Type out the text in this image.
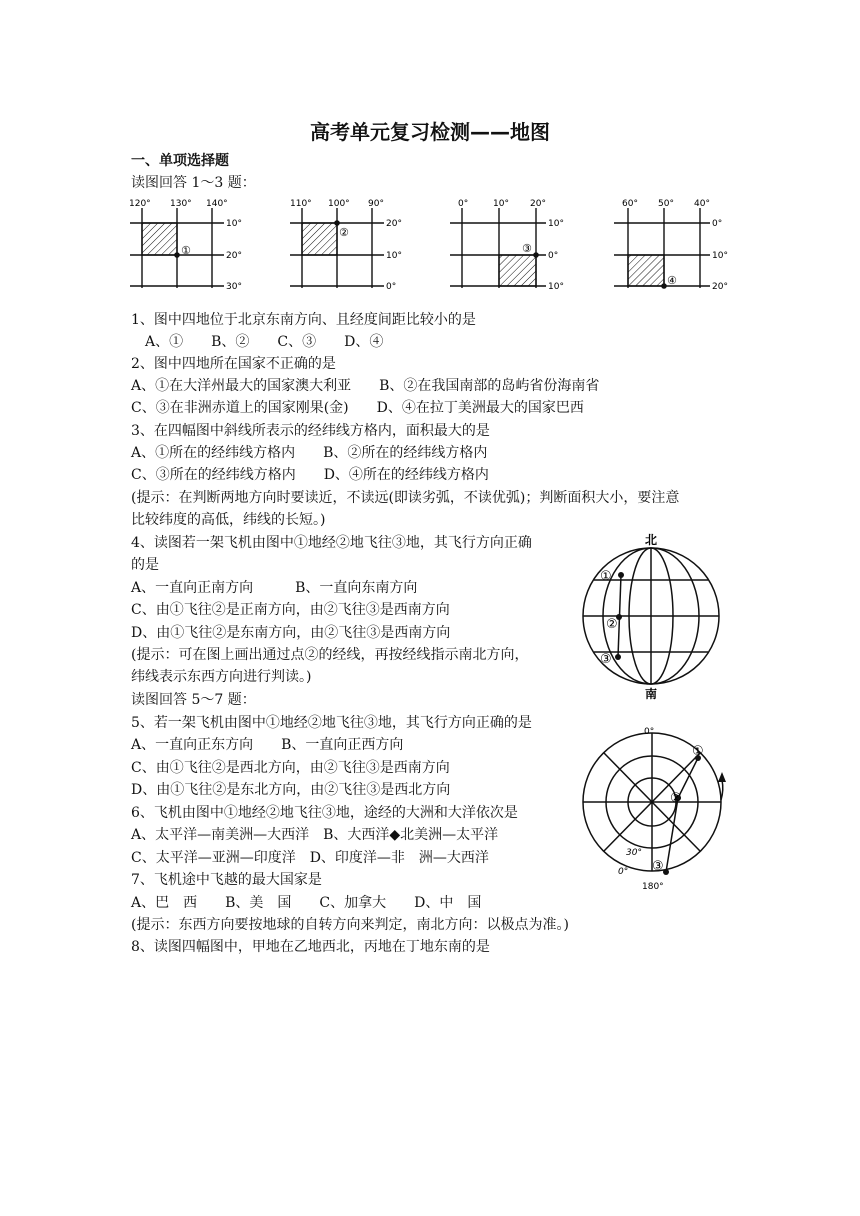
高考单元复习检测——地图
一、单项选择题
读图回答 1～3 题：
120° 130° 140°
10°
20°
30°
①
110° 100° 90°
20°
10°
0°
②
0°	10° 20°
10°
0°
10°
③
60° 50° 40°
0°
10°
20°
④
1、图中四地位于北京东南方向、且经度间距比较小的是
　A、①　　B、②　　C、③　　D、④
2、图中四地所在国家不正确的是
A、①在大洋州最大的国家澳大利亚　　B、②在我国南部的岛屿省份海南省
C、③在非洲赤道上的国家刚果(金)　　D、④在拉丁美洲最大的国家巴西
3、在四幅图中斜线所表示的经纬线方格内，面积最大的是
A、①所在的经纬线方格内　　B、②所在的经纬线方格内
C、③所在的经纬线方格内　　D、④所在的经纬线方格内
(提示：在判断两地方向时要读近，不读远(即读劣弧，不读优弧)；判断面积大小，要注意
比较纬度的高低，纬线的长短。)
4、读图若一架飞机由图中①地经②地飞往③地，其飞行方向正确
的是
A、一直向正南方向　　　B、一直向东南方向
C、由①飞往②是正南方向，由②飞往③是西南方向
D、由①飞往②是东南方向，由②飞往③是西南方向
(提示：可在图上画出通过点②的经线，再按经线指示南北方向，
纬线表示东西方向进行判读。)
北
南
①
②
③
读图回答 5～7 题：
5、若一架飞机由图中①地经②地飞往③地，其飞行方向正确的是
A、一直向正东方向　　B、一直向正西方向
C、由①飞往②是西北方向，由②飞往③是西南方向
D、由①飞往②是东北方向，由②飞往③是西北方向
6、飞机由图中①地经②地飞往③地，途经的大洲和大洋依次是
A、太平洋—南美洲—大西洋　B、大西洋◆北美洲—太平洋
C、太平洋—亚洲—印度洋　D、印度洋—非　洲—大西洋
7、飞机途中飞越的最大国家是
A、巴　西　　B、美　国　　C、加拿大　　D、中　国
(提示：东西方向要按地球的自转方向来判定，南北方向：以极点为准。)
8、读图四幅图中，甲地在乙地西北，丙地在丁地东南的是
0°
180°
30°
0°
①
②
③
